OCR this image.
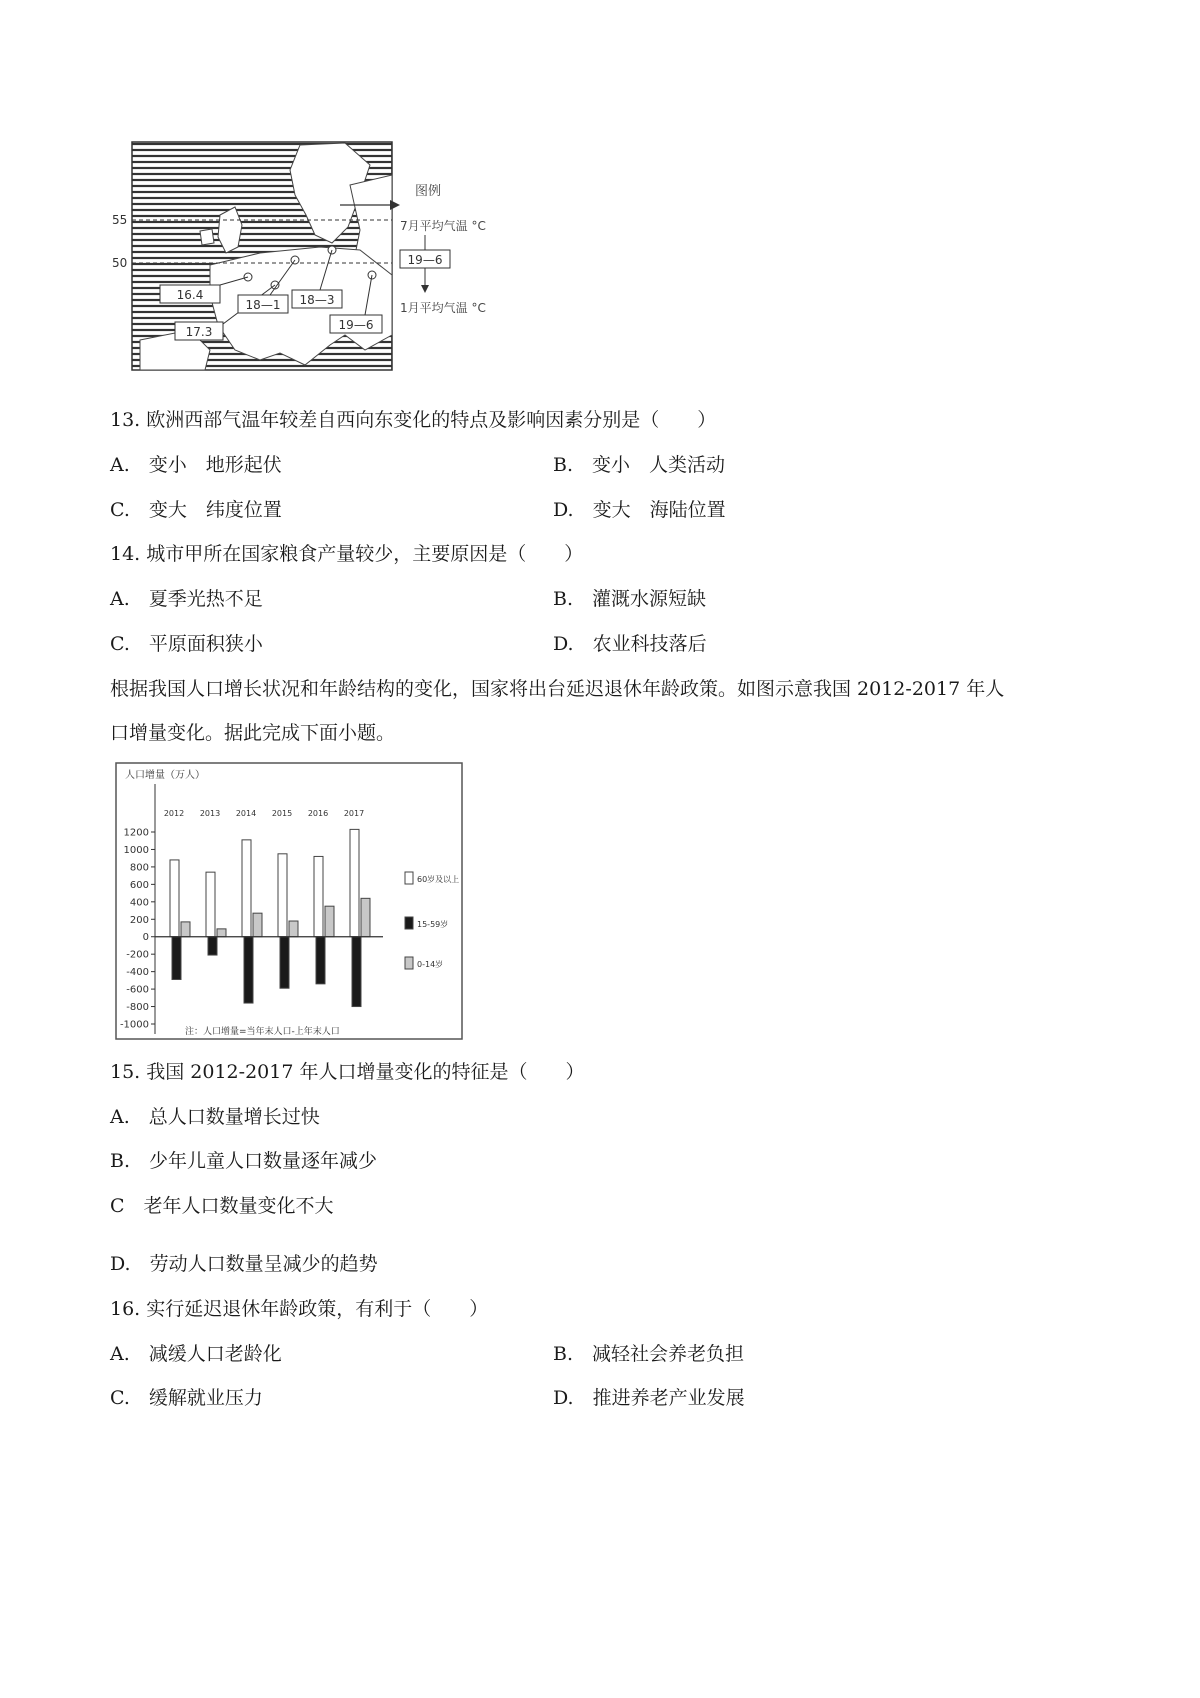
55
50
16.4
17.3
18—1 18—3
19—6
图例
7月平均气温 °C
19—6
1月平均气温 °C
13. 欧洲西部气温年较差自西向东变化的特点及影响因素分别是（　　）
A.　变小　地形起伏	B.　变小　人类活动
C.　变大　纬度位置	D.　变大　海陆位置
14. 城市甲所在国家粮食产量较少，主要原因是（　　）
A.　夏季光热不足	B.　灌溉水源短缺
C.　平原面积狭小	D.　农业科技落后
根据我国人口增长状况和年龄结构的变化，国家将出台延迟退休年龄政策。如图示意我国 2012-2017 年人
口增量变化。据此完成下面小题。
人口增量（万人）
1200
1000
800
600
400
200
0
-200
-400
-600
-800
-1000
2012 2013 2014 2015 2016 2017
60岁及以上
15-59岁
0-14岁
注：人口增量=当年末人口-上年末人口
15. 我国 2012-2017 年人口增量变化的特征是（　　）
A.　总人口数量增长过快
B.　少年儿童人口数量逐年减少
C　老年人口数量变化不大
D.　劳动人口数量呈减少的趋势
16. 实行延迟退休年龄政策，有利于（　　）
A.　减缓人口老龄化	B.　减轻社会养老负担
C.　缓解就业压力	D.　推进养老产业发展
